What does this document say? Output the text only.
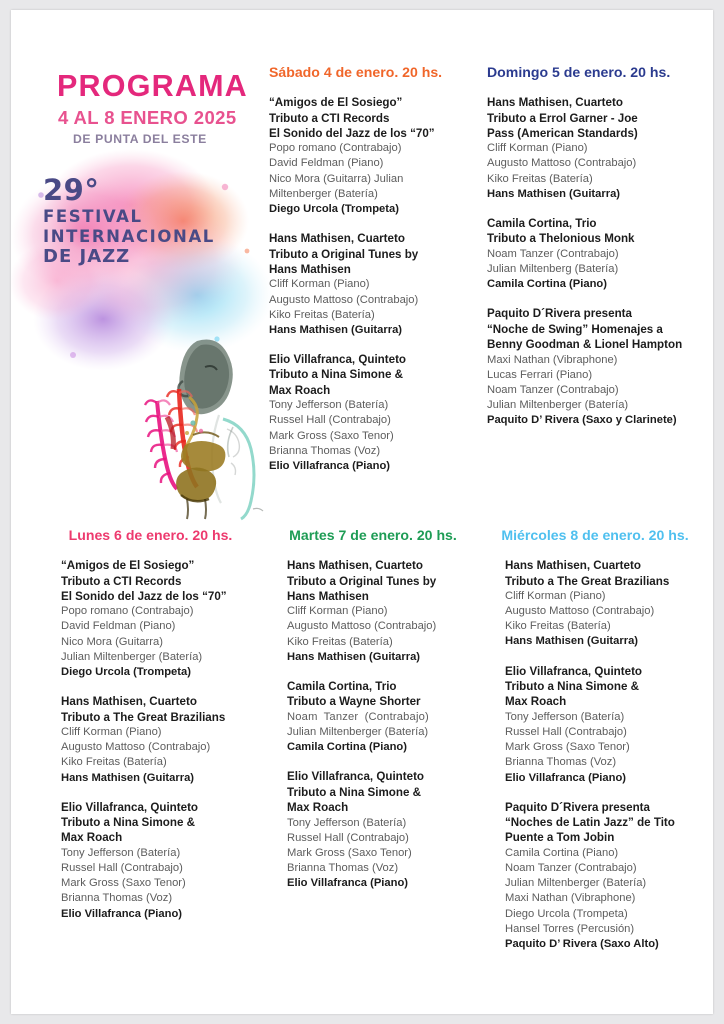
PROGRAMA
4 AL 8 ENERO 2025
DE PUNTA DEL ESTE
29°
FESTIVAL
INTERNACIONAL
DE JAZZ
Sábado 4 de enero. 20 hs.
“Amigos de El Sosiego”
Tributo a CTI Records
El Sonido del Jazz de los “70”
Popo romano (Contrabajo)
David Feldman (Piano)
Nico Mora (Guitarra) Julian
Miltenberger (Batería)
Diego Urcola (Trompeta)
Hans Mathisen, Cuarteto
Tributo a Original Tunes by
Hans Mathisen
Cliff Korman (Piano)
Augusto Mattoso (Contrabajo)
Kiko Freitas (Batería)
Hans Mathisen (Guitarra)
Elio Villafranca, Quinteto
Tributo a Nina Simone &
Max Roach
Tony Jefferson (Batería)
Russel Hall (Contrabajo)
Mark Gross (Saxo Tenor)
Brianna Thomas (Voz)
Elio Villafranca (Piano)
Domingo 5 de enero. 20 hs.
Hans Mathisen, Cuarteto
Tributo a Errol Garner - Joe
Pass (American Standards)
Cliff Korman (Piano)
Augusto Mattoso (Contrabajo)
Kiko Freitas (Batería)
Hans Mathisen (Guitarra)
Camila Cortina, Trio
Tributo a Thelonious Monk
Noam Tanzer (Contrabajo)
Julian Miltenberg (Batería)
Camila Cortina (Piano)
Paquito D´Rivera presenta
“Noche de Swing” Homenajes a
Benny Goodman & Lionel Hampton
Maxi Nathan (Vibraphone)
Lucas Ferrari (Piano)
Noam Tanzer (Contrabajo)
Julian Miltenberger (Batería)
Paquito D’ Rivera (Saxo y Clarinete)
Lunes 6 de enero. 20 hs.
“Amigos de El Sosiego”
Tributo a CTI Records
El Sonido del Jazz de los “70”
Popo romano (Contrabajo)
David Feldman (Piano)
Nico Mora (Guitarra)
Julian Miltenberger (Batería)
Diego Urcola (Trompeta)
Hans Mathisen, Cuarteto
Tributo a The Great Brazilians
Cliff Korman (Piano)
Augusto Mattoso (Contrabajo)
Kiko Freitas (Batería)
Hans Mathisen (Guitarra)
Elio Villafranca, Quinteto
Tributo a Nina Simone &
Max Roach
Tony Jefferson (Batería)
Russel Hall (Contrabajo)
Mark Gross (Saxo Tenor)
Brianna Thomas (Voz)
Elio Villafranca (Piano)
Martes 7 de enero. 20 hs.
Hans Mathisen, Cuarteto
Tributo a Original Tunes by
Hans Mathisen
Cliff Korman (Piano)
Augusto Mattoso (Contrabajo)
Kiko Freitas (Batería)
Hans Mathisen (Guitarra)
Camila Cortina, Trio
Tributo a Wayne Shorter
Noam Tanzer (Contrabajo)
Julian Miltenberger (Batería)
Camila Cortina (Piano)
Elio Villafranca, Quinteto
Tributo a Nina Simone &
Max Roach
Tony Jefferson (Batería)
Russel Hall (Contrabajo)
Mark Gross (Saxo Tenor)
Brianna Thomas (Voz)
Elio Villafranca (Piano)
Miércoles 8 de enero. 20 hs.
Hans Mathisen, Cuarteto
Tributo a The Great Brazilians
Cliff Korman (Piano)
Augusto Mattoso (Contrabajo)
Kiko Freitas (Batería)
Hans Mathisen (Guitarra)
Elio Villafranca, Quinteto
Tributo a Nina Simone &
Max Roach
Tony Jefferson (Batería)
Russel Hall (Contrabajo)
Mark Gross (Saxo Tenor)
Brianna Thomas (Voz)
Elio Villafranca (Piano)
Paquito D´Rivera presenta
“Noches de Latin Jazz” de Tito
Puente a Tom Jobin
Camila Cortina (Piano)
Noam Tanzer (Contrabajo)
Julian Miltenberger (Batería)
Maxi Nathan (Vibraphone)
Diego Urcola (Trompeta)
Hansel Torres (Percusión)
Paquito D’ Rivera (Saxo Alto)
